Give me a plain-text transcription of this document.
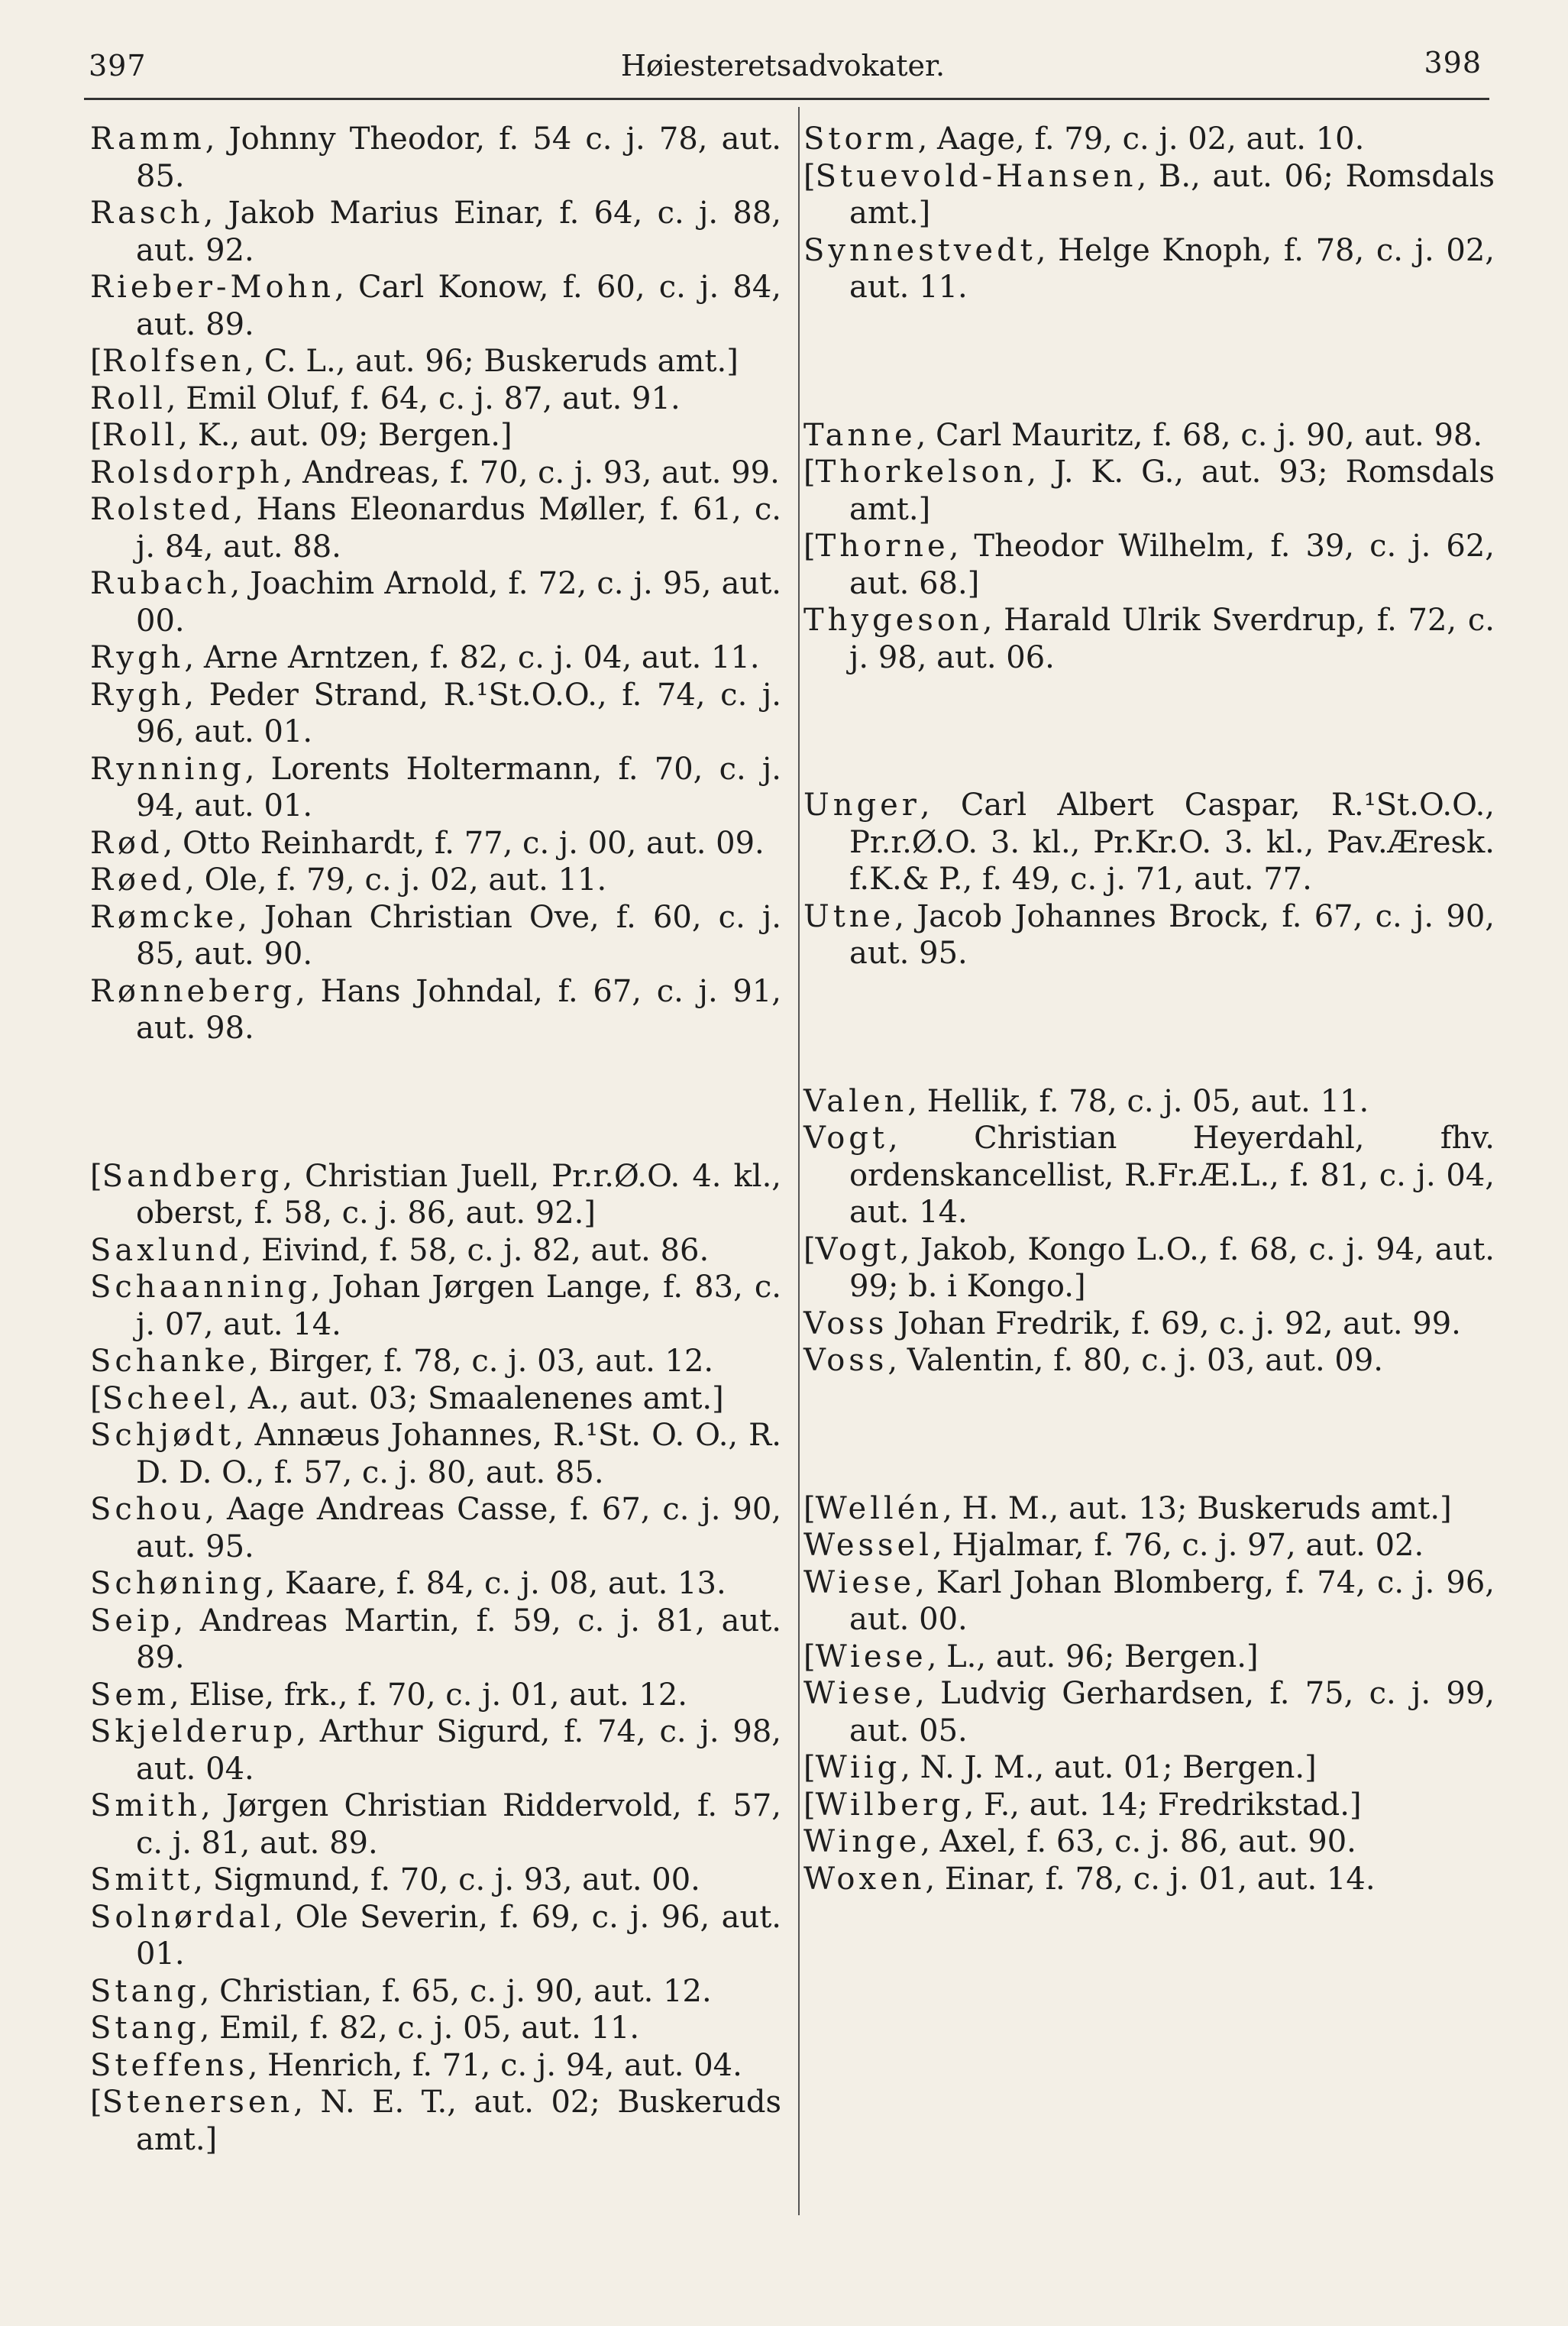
397	Høiesteretsadvokater.	398
Ramm, Johnny Theodor, f. 54 c. j. 78, aut. 85.
Rasch, Jakob Marius Einar, f. 64, c. j. 88, aut. 92.
Rieber-Mohn, Carl Konow, f. 60, c. j. 84, aut. 89.
[Rolfsen, C. L., aut. 96; Buskeruds amt.]
Roll, Emil Oluf, f. 64, c. j. 87, aut. 91.
[Roll, K., aut. 09; Bergen.]
Rolsdorph, Andreas, f. 70, c. j. 93, aut. 99.
Rolsted, Hans Eleonardus Møller, f. 61, c. j. 84, aut. 88.
Rubach, Joachim Arnold, f. 72, c. j. 95, aut. 00.
Rygh, Arne Arntzen, f. 82, c. j. 04, aut. 11.
Rygh, Peder Strand, R.¹St.O.O., f. 74, c. j. 96, aut. 01.
Rynning, Lorents Holtermann, f. 70, c. j. 94, aut. 01.
Rød, Otto Reinhardt, f. 77, c. j. 00, aut. 09.
Røed, Ole, f. 79, c. j. 02, aut. 11.
Rømcke, Johan Christian Ove, f. 60, c. j. 85, aut. 90.
Rønneberg, Hans Johndal, f. 67, c. j. 91, aut. 98.
[Sandberg, Christian Juell, Pr.r.Ø.O. 4. kl., oberst, f. 58, c. j. 86, aut. 92.]
Saxlund, Eivind, f. 58, c. j. 82, aut. 86.
Schaanning, Johan Jørgen Lange, f. 83, c. j. 07, aut. 14.
Schanke, Birger, f. 78, c. j. 03, aut. 12.
[Scheel, A., aut. 03; Smaalenenes amt.]
Schjødt, Annæus Johannes, R.¹St. O. O., R. D. D. O., f. 57, c. j. 80, aut. 85.
Schou, Aage Andreas Casse, f. 67, c. j. 90, aut. 95.
Schøning, Kaare, f. 84, c. j. 08, aut. 13.
Seip, Andreas Martin, f. 59, c. j. 81, aut. 89.
Sem, Elise, frk., f. 70, c. j. 01, aut. 12.
Skjelderup, Arthur Sigurd, f. 74, c. j. 98, aut. 04.
Smith, Jørgen Christian Riddervold, f. 57, c. j. 81, aut. 89.
Smitt, Sigmund, f. 70, c. j. 93, aut. 00.
Solnørdal, Ole Severin, f. 69, c. j. 96, aut. 01.
Stang, Christian, f. 65, c. j. 90, aut. 12.
Stang, Emil, f. 82, c. j. 05, aut. 11.
Steffens, Henrich, f. 71, c. j. 94, aut. 04.
[Stenersen, N. E. T., aut. 02; Buskeruds amt.]
Storm, Aage, f. 79, c. j. 02, aut. 10.
[Stuevold-Hansen, B., aut. 06; Romsdals amt.]
Synnestvedt, Helge Knoph, f. 78, c. j. 02, aut. 11.
Tanne, Carl Mauritz, f. 68, c. j. 90, aut. 98.
[Thorkelson, J. K. G., aut. 93; Romsdals amt.]
[Thorne, Theodor Wilhelm, f. 39, c. j. 62, aut. 68.]
Thygeson, Harald Ulrik Sverdrup, f. 72, c. j. 98, aut. 06.
Unger, Carl Albert Caspar, R.¹St.O.O., Pr.r.Ø.O. 3. kl., Pr.Kr.O. 3. kl., Pav.Æresk. f.K.& P., f. 49, c. j. 71, aut. 77.
Utne, Jacob Johannes Brock, f. 67, c. j. 90, aut. 95.
Valen, Hellik, f. 78, c. j. 05, aut. 11.
Vogt, Christian Heyerdahl, fhv. ordenskancellist, R.Fr.Æ.L., f. 81, c. j. 04, aut. 14.
[Vogt, Jakob, Kongo L.O., f. 68, c. j. 94, aut. 99; b. i Kongo.]
Voss Johan Fredrik, f. 69, c. j. 92, aut. 99.
Voss, Valentin, f. 80, c. j. 03, aut. 09.
[Wellén, H. M., aut. 13; Buskeruds amt.]
Wessel, Hjalmar, f. 76, c. j. 97, aut. 02.
Wiese, Karl Johan Blomberg, f. 74, c. j. 96, aut. 00.
[Wiese, L., aut. 96; Bergen.]
Wiese, Ludvig Gerhardsen, f. 75, c. j. 99, aut. 05.
[Wiig, N. J. M., aut. 01; Bergen.]
[Wilberg, F., aut. 14; Fredrikstad.]
Winge, Axel, f. 63, c. j. 86, aut. 90.
Woxen, Einar, f. 78, c. j. 01, aut. 14.
